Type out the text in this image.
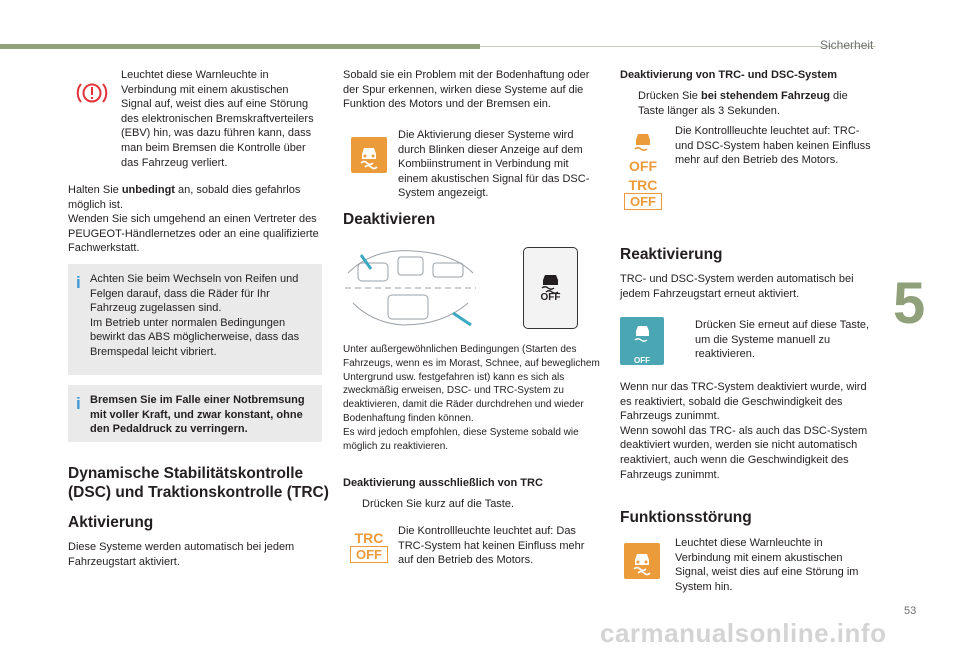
Sicherheit
5
53
carmanualsonline.info

Leuchtet diese Warnleuchte in Verbindung mit einem akustischen Signal auf, weist dies auf eine Störung des elektronischen Bremskraftverteilers (EBV) hin, was dazu führen kann, dass man beim Bremsen die Kontrolle über das Fahrzeug verliert.

Halten Sie unbedingt an, sobald dies gefahrlos möglich ist.

Wenden Sie sich umgehend an einen Vertreter des PEUGEOT-Händlernetzes oder an eine qualifizierte Fachwerkstatt.

i Achten Sie beim Wechseln von Reifen und Felgen darauf, dass die Räder für Ihr Fahrzeug zugelassen sind.

Im Betrieb unter normalen Bedingungen bewirkt das ABS möglicherweise, dass das Bremspedal leicht vibriert.

i Bremsen Sie im Falle einer Notbremsung mit voller Kraft, und zwar konstant, ohne den Pedaldruck zu verringern.

Dynamische Stabilitätskontrolle (DSC) und Traktionskontrolle (TRC)
Aktivierung

Diese Systeme werden automatisch bei jedem Fahrzeugstart aktiviert.

Sobald sie ein Problem mit der Bodenhaftung oder der Spur erkennen, wirken diese Systeme auf die Funktion des Motors und der Bremsen ein.

Die Aktivierung dieser Systeme wird durch Blinken dieser Anzeige auf dem Kombiinstrument in Verbindung mit einem akustischen Signal für das DSC-System angezeigt.

Deaktivieren
OFF

Unter außergewöhnlichen Bedingungen (Starten des Fahrzeugs, wenn es im Morast, Schnee, auf beweglichem Untergrund usw. festgefahren ist) kann es sich als zweckmäßig erweisen, DSC- und TRC-System zu deaktivieren, damit die Räder durchdrehen und wieder Bodenhaftung finden können.

Es wird jedoch empfohlen, diese Systeme sobald wie möglich zu reaktivieren.

Deaktivierung ausschließlich von TRC

Drücken Sie kurz auf die Taste.

TRC
OFF

Die Kontrollleuchte leuchtet auf: Das TRC-System hat keinen Einfluss mehr auf den Betrieb des Motors.

Deaktivierung von TRC- und DSC-System

Drücken Sie bei stehendem Fahrzeug die Taste länger als 3 Sekunden.

OFF
TRC
OFF

Die Kontrollleuchte leuchtet auf: TRC- und DSC-System haben keinen Einfluss mehr auf den Betrieb des Motors.

Reaktivierung

TRC- und DSC-System werden automatisch bei jedem Fahrzeugstart erneut aktiviert.

OFF

Drücken Sie erneut auf diese Taste, um die Systeme manuell zu reaktivieren.

Wenn nur das TRC-System deaktiviert wurde, wird es reaktiviert, sobald die Geschwindigkeit des Fahrzeugs zunimmt.

Wenn sowohl das TRC- als auch das DSC-System deaktiviert wurden, werden sie nicht automatisch reaktiviert, auch wenn die Geschwindigkeit des Fahrzeugs zunimmt.

Funktionsstörung

Leuchtet diese Warnleuchte in Verbindung mit einem akustischen Signal, weist dies auf eine Störung im System hin.
